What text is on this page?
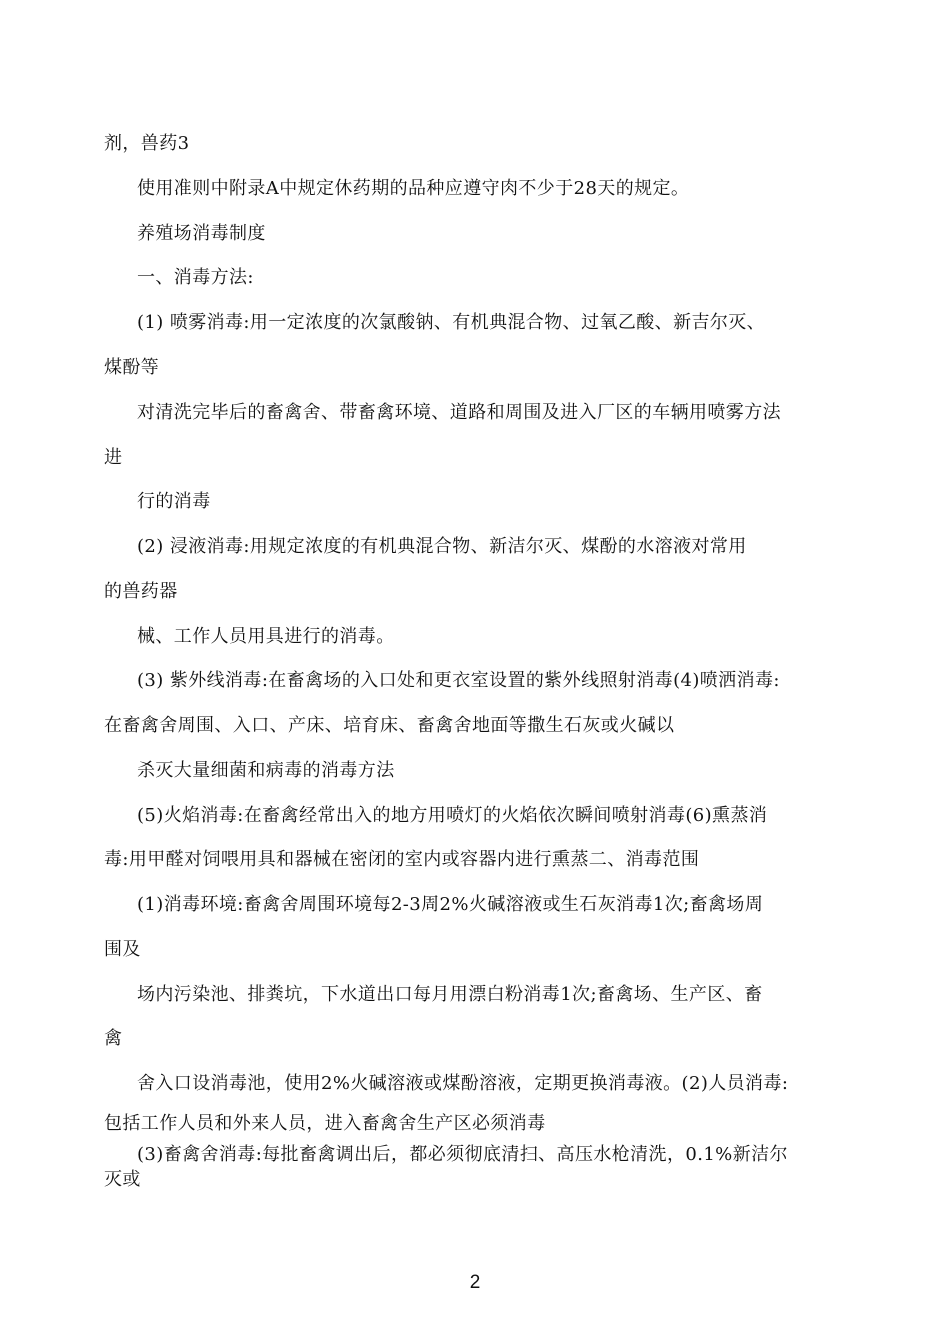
剂，兽药3
使用准则中附录A中规定休药期的品种应遵守肉不少于28天的规定。
养殖场消毒制度
一、消毒方法:
(1) 喷雾消毒:用一定浓度的次氯酸钠、有机典混合物、过氧乙酸、新吉尔灭、
煤酚等
对清洗完毕后的畜禽舍、带畜禽环境、道路和周围及进入厂区的车辆用喷雾方法
进
行的消毒
(2) 浸液消毒:用规定浓度的有机典混合物、新洁尔灭、煤酚的水溶液对常用
的兽药器
械、工作人员用具进行的消毒。
(3) 紫外线消毒:在畜禽场的入口处和更衣室设置的紫外线照射消毒(4)喷洒消毒:
在畜禽舍周围、入口、产床、培育床、畜禽舍地面等撒生石灰或火碱以
杀灭大量细菌和病毒的消毒方法
(5)火焰消毒:在畜禽经常出入的地方用喷灯的火焰依次瞬间喷射消毒(6)熏蒸消
毒:用甲醛对饲喂用具和器械在密闭的室内或容器内进行熏蒸二、消毒范围
(1)消毒环境:畜禽舍周围环境每2-3周2%火碱溶液或生石灰消毒1次;畜禽场周
围及
场内污染池、排粪坑，下水道出口每月用漂白粉消毒1次;畜禽场、生产区、畜
禽
舍入口设消毒池，使用2%火碱溶液或煤酚溶液，定期更换消毒液。(2)人员消毒:
包括工作人员和外来人员，进入畜禽舍生产区必须消毒
(3)畜禽舍消毒:每批畜禽调出后，都必须彻底清扫、高压水枪清洗，0.1%新洁尔
灭或
2
